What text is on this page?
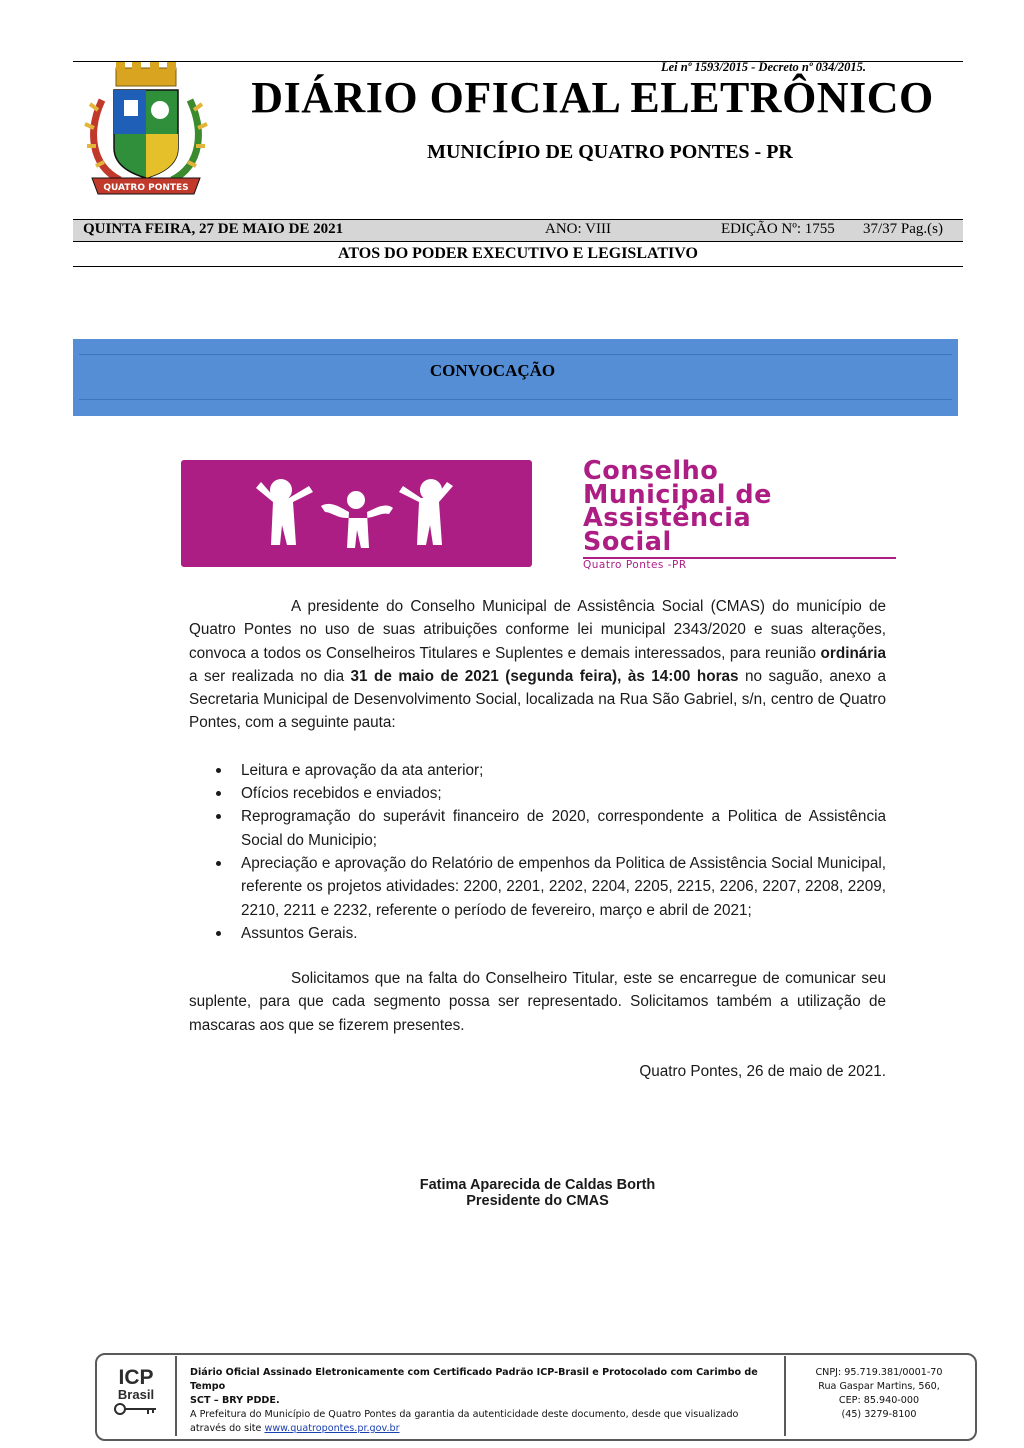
Lei nº 1593/2015 - Decreto nº 034/2015.
QUATRO PONTES
DIÁRIO OFICIAL ELETRÔNICO
MUNICÍPIO DE QUATRO PONTES - PR
QUINTA FEIRA, 27 DE MAIO DE 2021	ANO: VIII	EDIÇÃO Nº: 1755 37/37 Pag.(s)
ATOS DO PODER EXECUTIVO E LEGISLATIVO
CONVOCAÇÃO
Conselho
Municipal de
Assistência
Social
Quatro Pontes -PR

A presidente do Conselho Municipal de Assistência Social (CMAS) do município de Quatro Pontes no uso de suas atribuições conforme lei municipal 2343/2020 e suas alterações, convoca a todos os Conselheiros Titulares e Suplentes e demais interessados, para reunião ordinária a ser realizada no dia 31 de maio de 2021 (segunda feira), às 14:00 horas no saguão, anexo a Secretaria Municipal de Desenvolvimento Social, localizada na Rua São Gabriel, s/n, centro de Quatro Pontes, com a seguinte pauta:

Leitura e aprovação da ata anterior;
Ofícios recebidos e enviados;
Reprogramação do superávit financeiro de 2020, correspondente a Politica de Assistência Social do Municipio;
Apreciação e aprovação do Relatório de empenhos da Politica de Assistência Social Municipal, referente os projetos atividades: 2200, 2201, 2202, 2204, 2205, 2215, 2206, 2207, 2208, 2209, 2210, 2211 e 2232, referente o período de fevereiro, março e abril de 2021;
Assuntos Gerais.

Solicitamos que na falta do Conselheiro Titular, este se encarregue de comunicar seu suplente, para que cada segmento possa ser representado. Solicitamos também a utilização de mascaras aos que se fizerem presentes.

Quatro Pontes, 26 de maio de 2021.

Fatima Aparecida de Caldas Borth
Presidente do CMAS
ICP
Brasil
Diário Oficial Assinado Eletronicamente com Certificado Padrão ICP-Brasil e Protocolado com Carimbo de Tempo
SCT – BRY PDDE.
A Prefeitura do Município de Quatro Pontes da garantia da autenticidade deste documento, desde que visualizado
através do site www.quatropontes.pr.gov.br
CNPJ: 95.719.381/0001-70
Rua Gaspar Martins, 560,
CEP: 85.940-000
(45) 3279-8100
